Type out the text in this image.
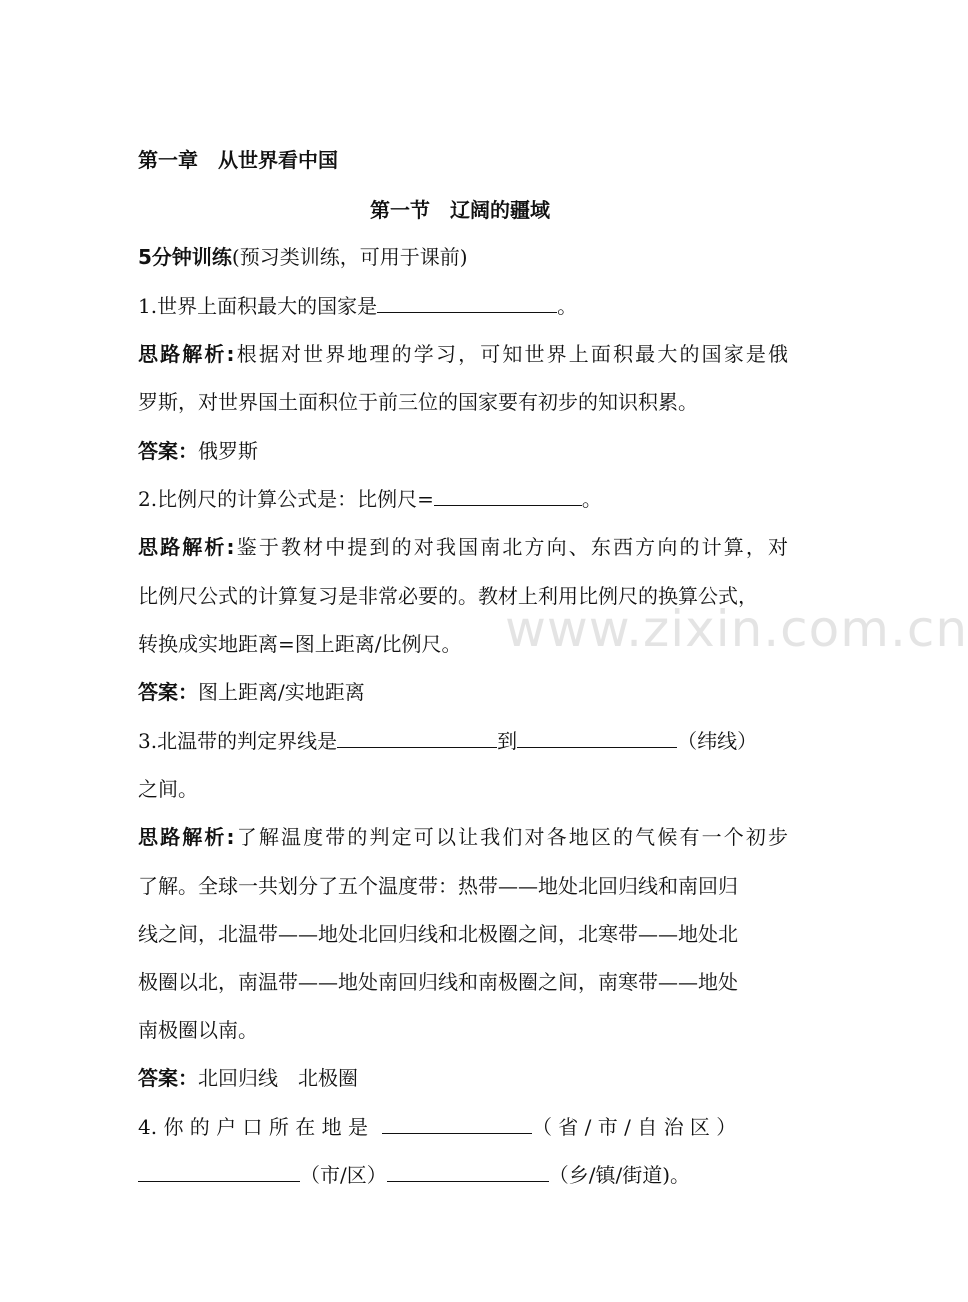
第一章　从世界看中国
第一节　辽阔的疆域
5分钟训练(预习类训练，可用于课前)
1.世界上面积最大的国家是	。
思路解析:根据对世界地理的学习，可知世界上面积最大的国家是俄
罗斯，对世界国土面积位于前三位的国家要有初步的知识积累。
答案：俄罗斯
2.比例尺的计算公式是：比例尺=	。
思路解析:鉴于教材中提到的对我国南北方向、东西方向的计算，对
比例尺公式的计算复习是非常必要的。教材上利用比例尺的换算公式，
转换成实地距离=图上距离/比例尺。
答案：图上距离/实地距离
3.北温带的判定界线是	到	（纬线）
之间。
思路解析:了解温度带的判定可以让我们对各地区的气候有一个初步
了解。全球一共划分了五个温度带：热带——地处北回归线和南回归
线之间，北温带——地处北回归线和北极圈之间，北寒带——地处北
极圈以北，南温带——地处南回归线和南极圈之间，南寒带——地处
南极圈以南。
答案：北回归线　北极圈
4. 你 的 户 口 所 在 地 是	（ 省 / 市 / 自 治 区 ）
（市/区）	（乡/镇/街道)。
www.zixin.com.cn
